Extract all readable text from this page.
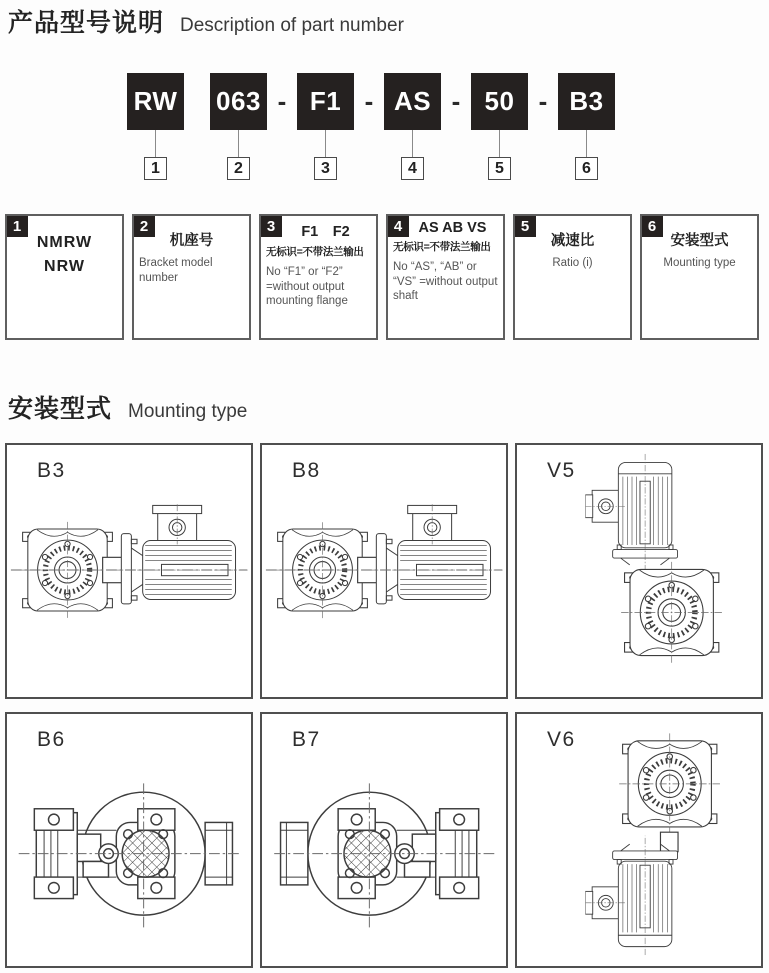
产品型号说明 Description of part number
RW
1
063
2
- F1
3
- AS
4
- 50
5
- B3
6
1
NMRW
NRW
2
机座号
Bracket model number
3	F1　F2
无标识=不带法兰输出
No “F1” or “F2” =without output mounting flange
4	AS AB VS
无标识=不带法兰输出
No “AS”, “AB” or “VS” =without output shaft
5
减速比
Ratio (i)
6
安装型式
Mounting type
安装型式 Mounting type
B3	B8	V5
B6	B7	V6
